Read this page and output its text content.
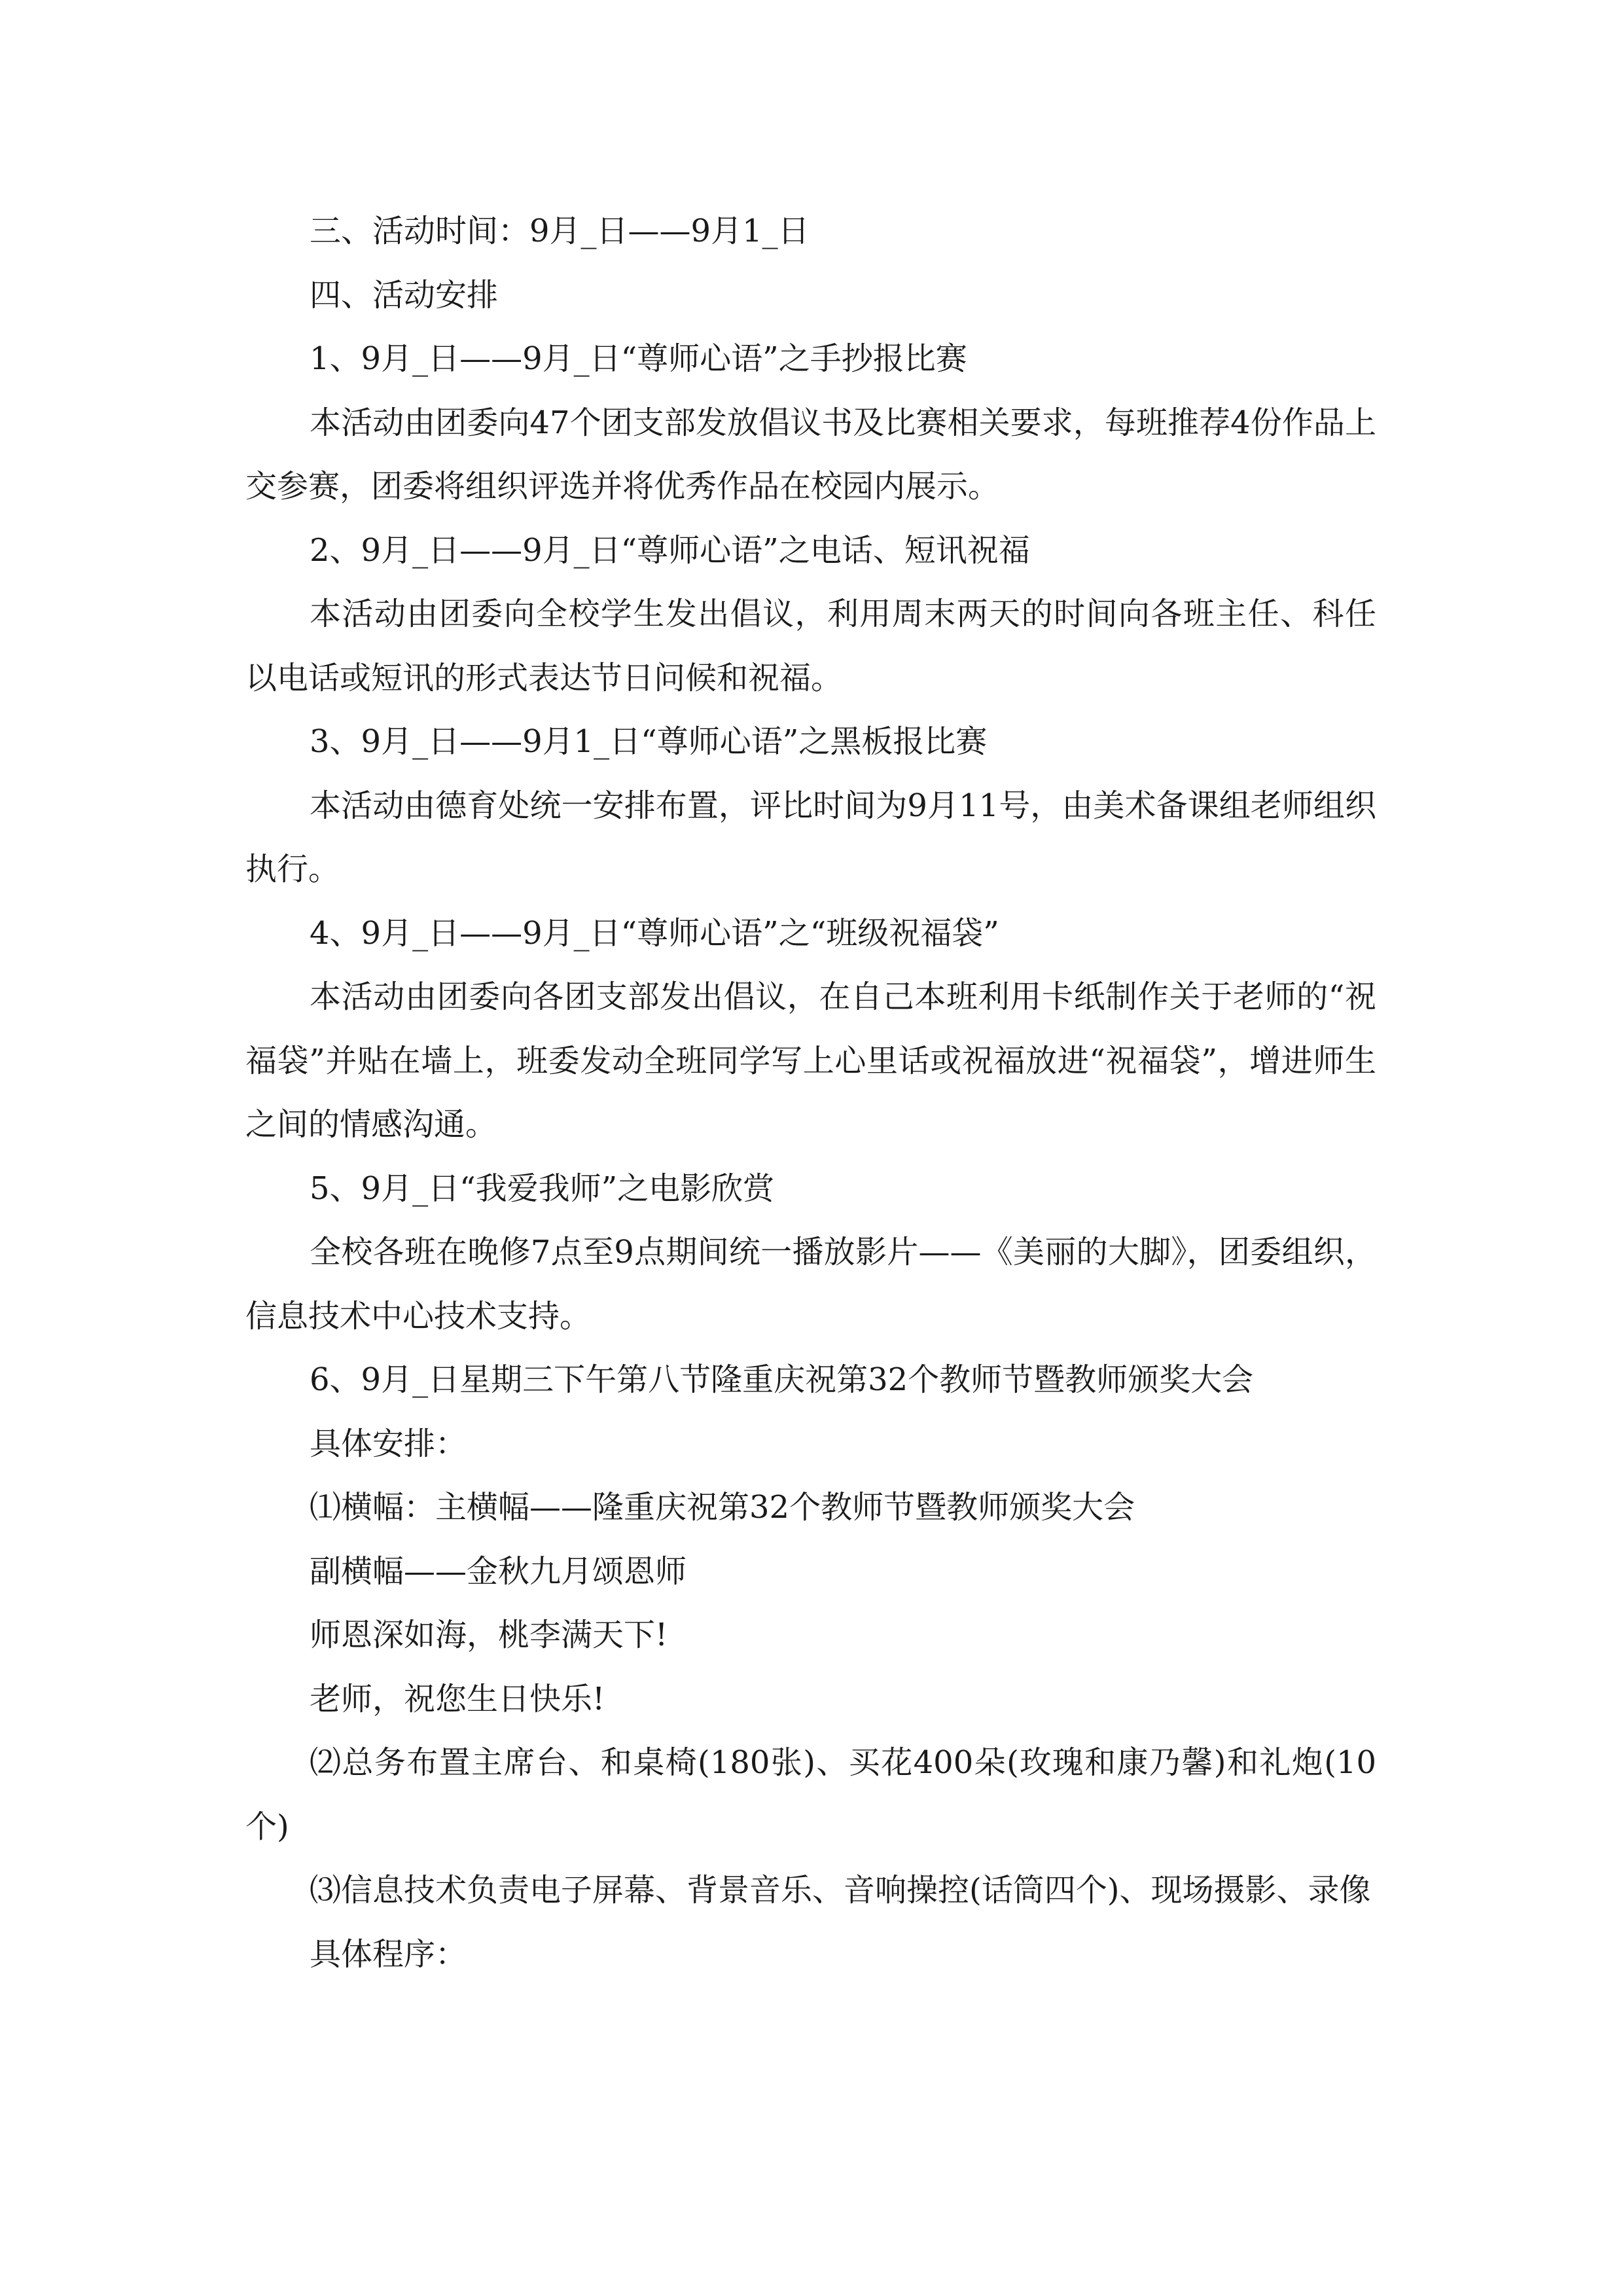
三、活动时间：9月_日——9月1_日

四、活动安排

1、9月_日——9月_日“尊师心语”之手抄报比赛

本活动由团委向47个团支部发放倡议书及比赛相关要求，每班推荐4份作品上交参赛，团委将组织评选并将优秀作品在校园内展示。

2、9月_日——9月_日“尊师心语”之电话、短讯祝福

本活动由团委向全校学生发出倡议，利用周末两天的时间向各班主任、科任以电话或短讯的形式表达节日问候和祝福。

3、9月_日——9月1_日“尊师心语”之黑板报比赛

本活动由德育处统一安排布置，评比时间为9月11号，由美术备课组老师组织执行。

4、9月_日——9月_日“尊师心语”之“班级祝福袋”

本活动由团委向各团支部发出倡议，在自己本班利用卡纸制作关于老师的“祝福袋”并贴在墙上，班委发动全班同学写上心里话或祝福放进“祝福袋”，增进师生之间的情感沟通。

5、9月_日“我爱我师”之电影欣赏

全校各班在晚修7点至9点期间统一播放影片——《美丽的大脚》，团委组织，信息技术中心技术支持。

6、9月_日星期三下午第八节隆重庆祝第32个教师节暨教师颁奖大会

具体安排：

⑴横幅：主横幅——隆重庆祝第32个教师节暨教师颁奖大会

副横幅——金秋九月颂恩师

师恩深如海，桃李满天下!

老师，祝您生日快乐!

⑵总务布置主席台、和桌椅(180张)、买花400朵(玫瑰和康乃馨)和礼炮(10个)

⑶信息技术负责电子屏幕、背景音乐、音响操控(话筒四个)、现场摄影、录像

具体程序：
